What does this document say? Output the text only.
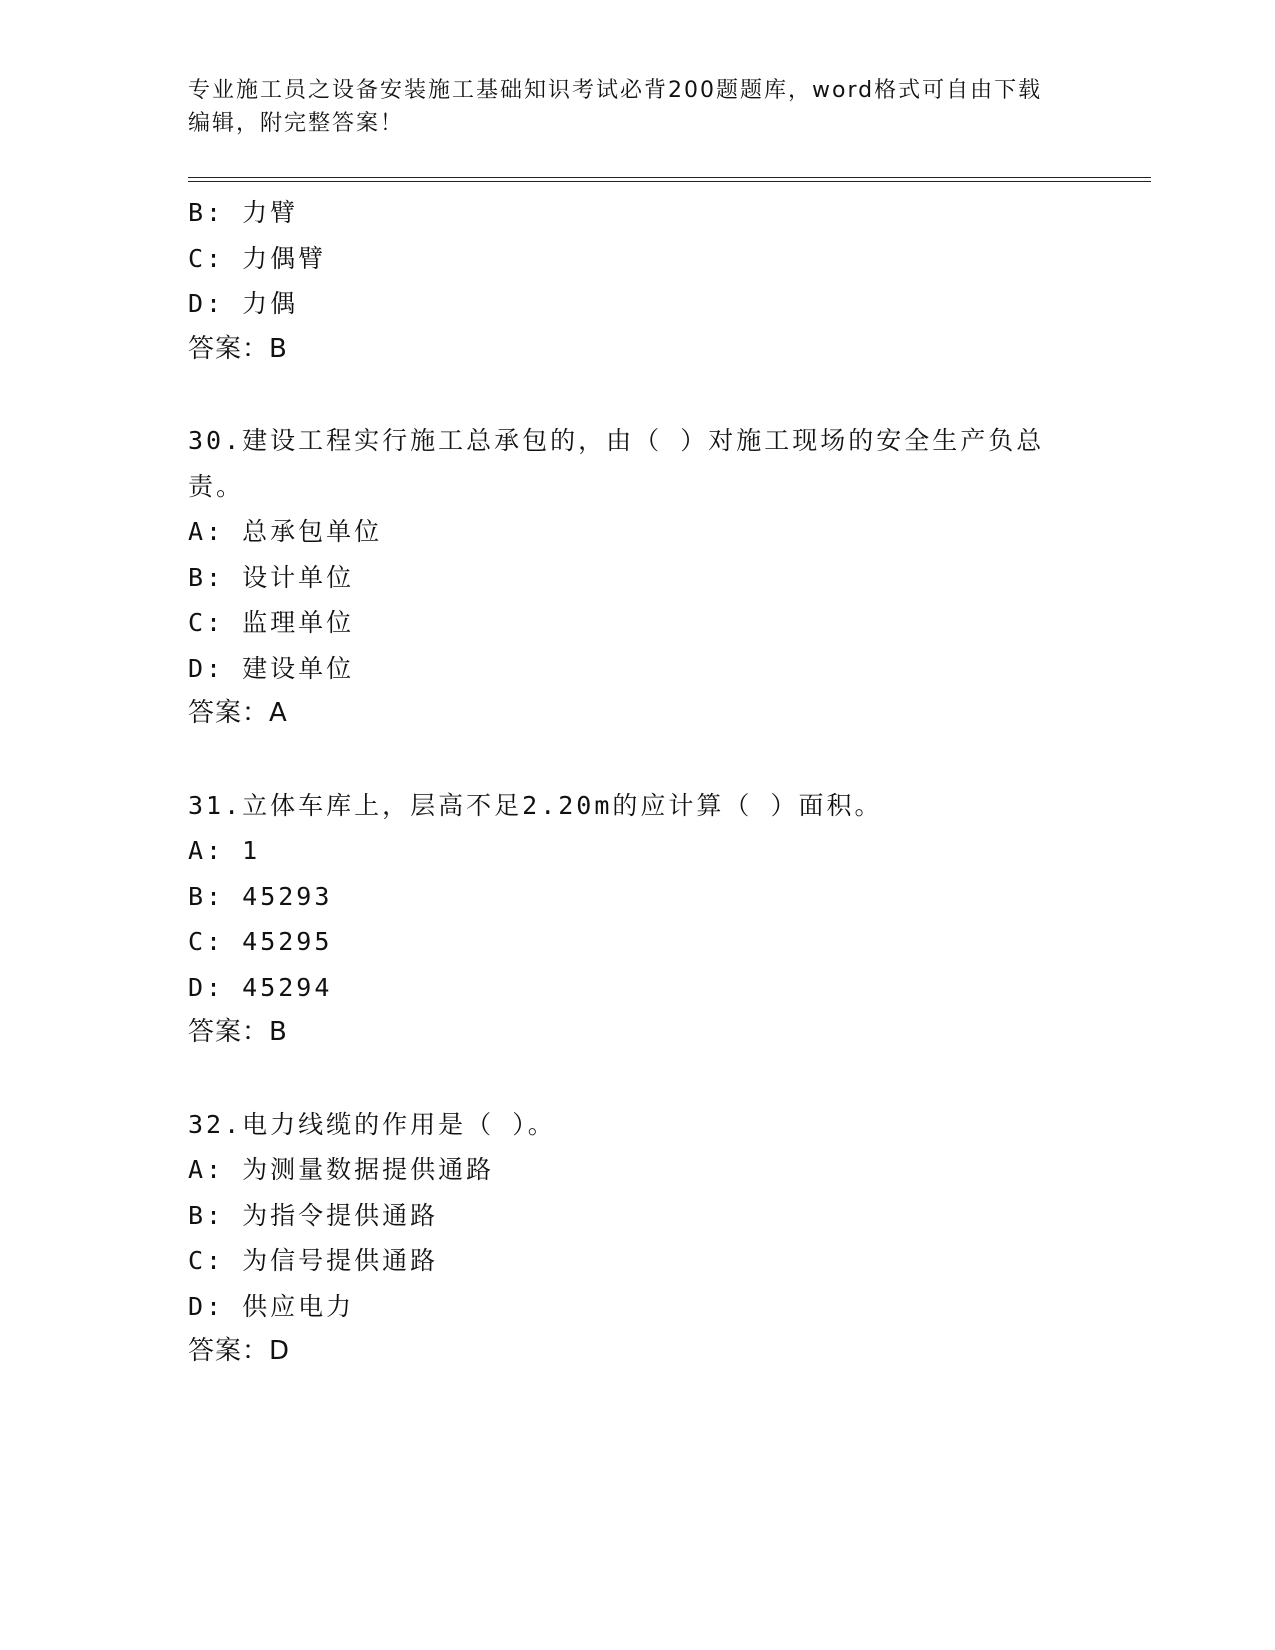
专业施工员之设备安装施工基础知识考试必背200题题库，word格式可自由下载
编辑，附完整答案！
B: 力臂
C: 力偶臂
D: 力偶
答案：B
30.建设工程实行施工总承包的，由（ ）对施工现场的安全生产负总
责。
A: 总承包单位
B: 设计单位
C: 监理单位
D: 建设单位
答案：A
31.立体车库上，层高不足2.20m的应计算（ ）面积。
A: 1
B: 45293
C: 45295
D: 45294
答案：B
32.电力线缆的作用是（ ）。
A: 为测量数据提供通路
B: 为指令提供通路
C: 为信号提供通路
D: 供应电力
答案：D
